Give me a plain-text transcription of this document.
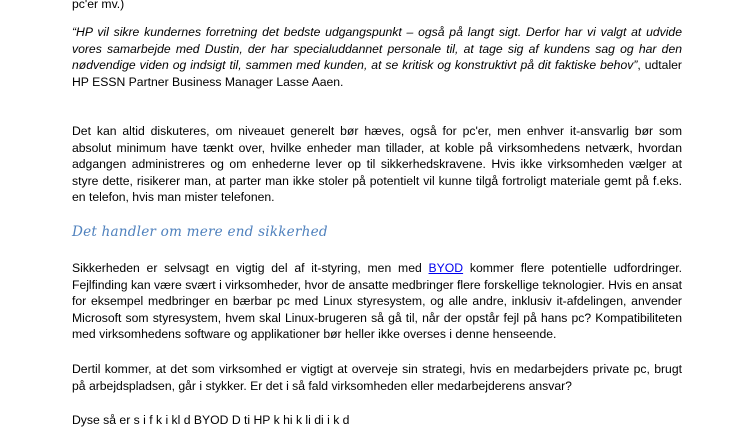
pc'er mv.)

“HP vil sikre kundernes forretning det bedste udgangspunkt – også på langt sigt. Derfor har vi valgt at udvide vores samarbejde med Dustin, der har specialuddannet personale til, at tage sig af kundens sag og har den nødvendige viden og indsigt til, sammen med kunden, at se kritisk og konstruktivt på dit faktiske behov”, udtaler HP ESSN Partner Business Manager Lasse Aaen.

Det kan altid diskuteres, om niveauet generelt bør hæves, også for pc'er, men enhver it-ansvarlig bør som absolut minimum have tænkt over, hvilke enheder man tillader, at koble på virksomhedens netværk, hvordan adgangen administreres og om enhederne lever op til sikkerhedskravene. Hvis ikke virksomheden vælger at styre dette, risikerer man, at parter man ikke stoler på potentielt vil kunne tilgå fortroligt materiale gemt på f.eks. en telefon, hvis man mister telefonen.

Det handler om mere end sikkerhed

Sikkerheden er selvsagt en vigtig del af it-styring, men med BYOD kommer flere potentielle udfordringer. Fejlfinding kan være svært i virksomheder, hvor de ansatte medbringer flere forskellige teknologier. Hvis en ansat for eksempel medbringer en bærbar pc med Linux styresystem, og alle andre, inklusiv it-afdelingen, anvender Microsoft som styresystem, hvem skal Linux-brugeren så gå til, når der opstår fejl på hans pc? Kompatibiliteten med virksomhedens software og applikationer bør heller ikke overses i denne henseende.

Dertil kommer, at det som virksomhed er vigtigt at overveje sin strategi, hvis en medarbejders private pc, brugt på arbejdspladsen, går i stykker. Er det i så fald virksomheden eller medarbejderens ansvar?

Dyse så er s i f k i kl d BYOD D ti HP k hi k li di i k d
